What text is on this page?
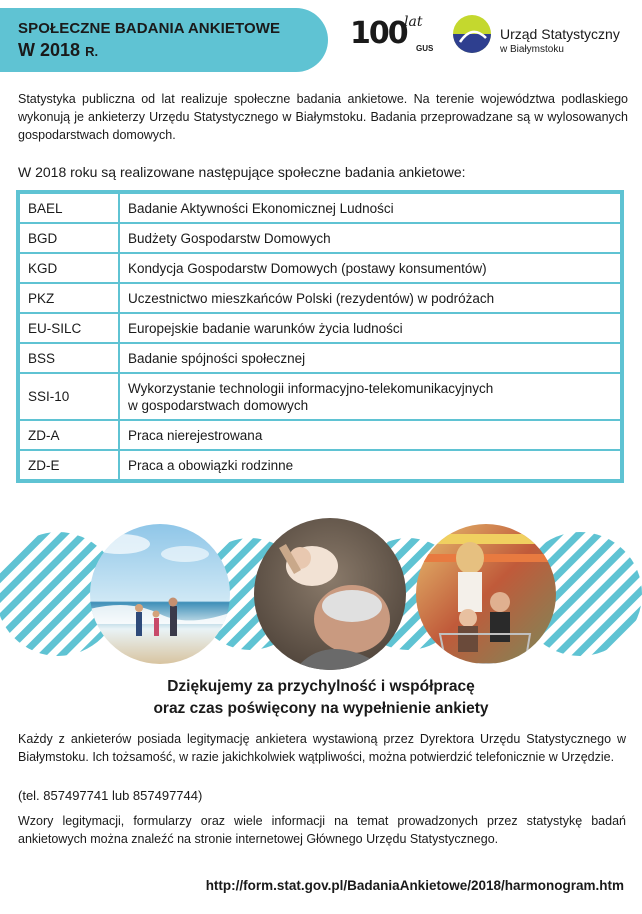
SPOŁECZNE BADANIA ANKIETOWE
W 2018 R.
100
lat
GUS
Urząd Statystyczny
w Białymstoku

Statystyka publiczna od lat realizuje społeczne badania ankietowe. Na terenie województwa podlaskiego wykonują je ankieterzy Urzędu Statystycznego w Białymstoku. Badania przeprowadzane są w wylosowanych gospodarstwach domowych.

W 2018 roku są realizowane następujące społeczne badania ankietowe:
BAEL	Badanie Aktywności Ekonomicznej Ludności
BGD	Budżety Gospodarstw Domowych
KGD	Kondycja Gospodarstw Domowych (postawy konsumentów)
PKZ	Uczestnictwo mieszkańców Polski (rezydentów) w podróżach
EU-SILC	Europejskie badanie warunków życia ludności
BSS	Badanie spójności społecznej
SSI-10	Wykorzystanie technologii informacyjno-telekomunikacyjnych
w gospodarstwach domowych
ZD-A	Praca nierejestrowana
ZD-E	Praca a obowiązki rodzinne
Dziękujemy za przychylność i współpracę
oraz czas poświęcony na wypełnienie ankiety

Każdy z ankieterów posiada legitymację ankietera wystawioną przez Dyrektora Urzędu Statystycznego w Białymstoku. Ich tożsamość, w razie jakichkolwiek wątpliwości, można potwierdzić telefonicznie w Urzędzie.

(tel. 857497741 lub 857497744)

Wzory legitymacji, formularzy oraz wiele informacji na temat prowadzonych przez statystykę badań ankietowych można znaleźć na stronie internetowej Głównego Urzędu Statystycznego.

http://form.stat.gov.pl/BadaniaAnkietowe/2018/harmonogram.htm
